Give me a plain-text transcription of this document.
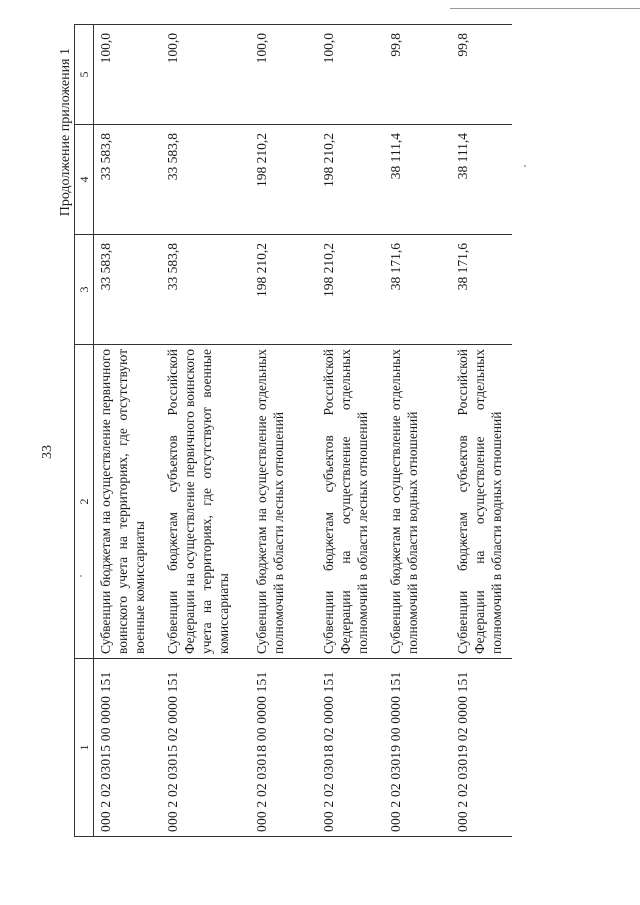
33
Продолжение приложения 1
1	2	3	4	5
000 2 02 03015 00 0000 151	Субвенции бюджетам на осуществление первичного воинского учета на территориях, где отсутствуют военные комиссариаты	33 583,8	33 583,8	100,0
000 2 02 03015 02 0000 151	Субвенции бюджетам субъектов Российской Федерации на осуществление первичного воинского учета на территориях, где отсутствуют военные комиссариаты	33 583,8	33 583,8	100,0
000 2 02 03018 00 0000 151	Субвенции бюджетам на осуществление отдельных полномочий в области лесных отношений	198 210,2	198 210,2	100,0
000 2 02 03018 02 0000 151	Субвенции бюджетам субъектов Российской Федерации на осуществление отдельных полномочий в области лесных отношений	198 210,2	198 210,2	100,0
000 2 02 03019 00 0000 151	Субвенции бюджетам на осуществление отдельных полномочий в области водных отношений	38 171,6	38 111,4	99,8
000 2 02 03019 02 0000 151	Субвенции бюджетам субъектов Российской Федерации на осуществление отдельных полномочий в области водных отношений	38 171,6	38 111,4	99,8
